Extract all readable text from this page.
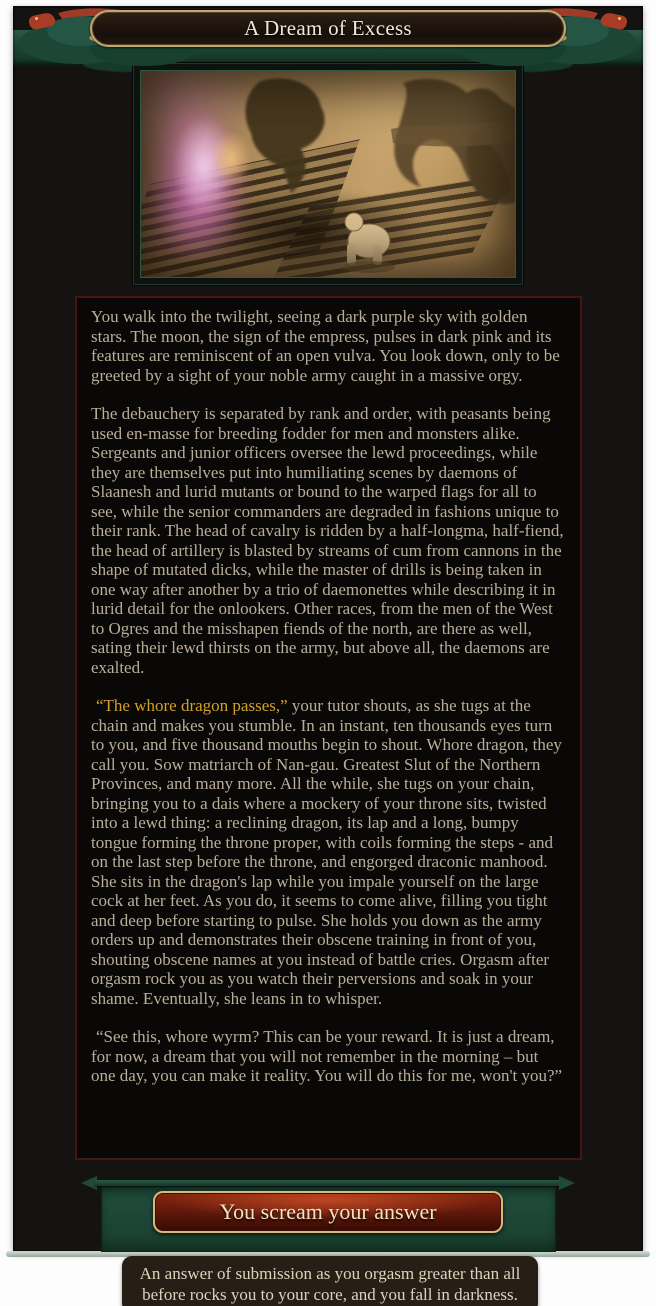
A Dream of Excess

You walk into the twilight, seeing a dark purple sky with golden stars. The moon, the sign of the empress, pulses in dark pink and its features are reminiscent of an open vulva. You look down, only to be greeted by a sight of your noble army caught in a massive orgy.

The debauchery is separated by rank and order, with peasants being used en-masse for breeding fodder for men and monsters alike. Sergeants and junior officers oversee the lewd proceedings, while they are themselves put into humiliating scenes by daemons of Slaanesh and lurid mutants or bound to the warped flags for all to see, while the senior commanders are degraded in fashions unique to their rank. The head of cavalry is ridden by a half-longma, half-fiend, the head of artillery is blasted by streams of cum from cannons in the shape of mutated dicks, while the master of drills is being taken in one way after another by a trio of daemonettes while describing it in lurid detail for the onlookers. Other races, from the men of the West to Ogres and the misshapen fiends of the north, are there as well, sating their lewd thirsts on the army, but above all, the daemons are exalted.

“The whore dragon passes,” your tutor shouts, as she tugs at the chain and makes you stumble. In an instant, ten thousands eyes turn to you, and five thousand mouths begin to shout. Whore dragon, they call you. Sow matriarch of Nan-gau. Greatest Slut of the Northern Provinces, and many more. All the while, she tugs on your chain, bringing you to a dais where a mockery of your throne sits, twisted into a lewd thing: a reclining dragon, its lap and a long, bumpy tongue forming the throne proper, with coils forming the steps - and on the last step before the throne, and engorged draconic manhood. She sits in the dragon's lap while you impale yourself on the large cock at her feet. As you do, it seems to come alive, filling you tight and deep before starting to pulse. She holds you down as the army orders up and demonstrates their obscene training in front of you, shouting obscene names at you instead of battle cries. Orgasm after orgasm rock you as you watch their perversions and soak in your shame. Eventually, she leans in to whisper.

“See this, whore wyrm? This can be your reward. It is just a dream, for now, a dream that you will not remember in the morning – but one day, you can make it reality. You will do this for me, won't you?”

You scream your answer
An answer of submission as you orgasm greater than all before rocks you to your core, and you fall in darkness.
